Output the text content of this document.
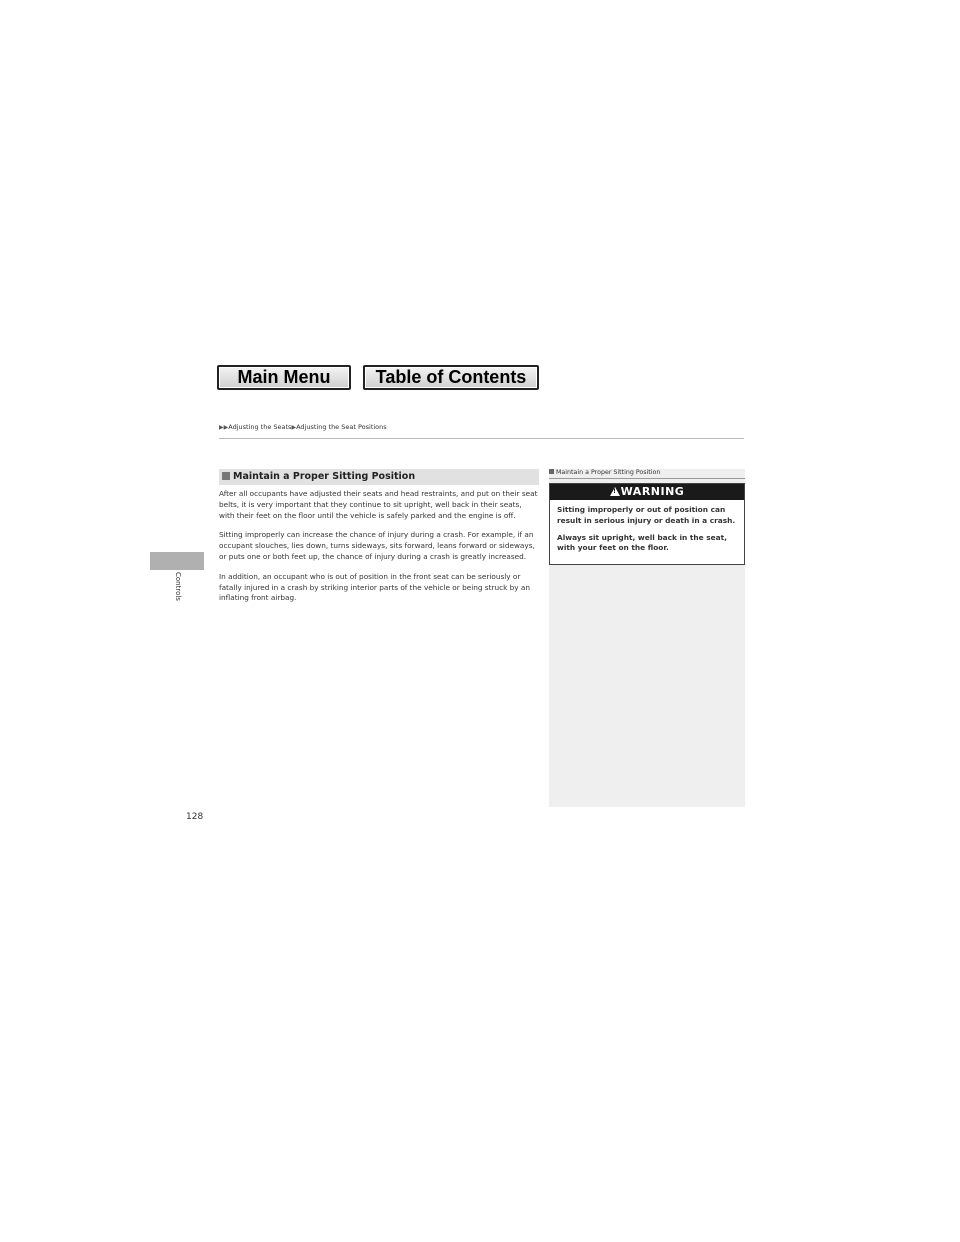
Main Menu	Table of Contents
▶▶Adjusting the Seats▶Adjusting the Seat Positions
Controls
128
Maintain a Proper Sitting Position

After all occupants have adjusted their seats and head restraints, and put on their seat belts, it is very important that they continue to sit upright, well back in their seats, with their feet on the floor until the vehicle is safely parked and the engine is off.

Sitting improperly can increase the chance of injury during a crash. For example, if an occupant slouches, lies down, turns sideways, sits forward, leans forward or sideways, or puts one or both feet up, the chance of injury during a crash is greatly increased.

In addition, an occupant who is out of position in the front seat can be seriously or fatally injured in a crash by striking interior parts of the vehicle or being struck by an inflating front airbag.

Maintain a Proper Sitting Position
!WARNING

Sitting improperly or out of position can result in serious injury or death in a crash.

Always sit upright, well back in the seat, with your feet on the floor.
